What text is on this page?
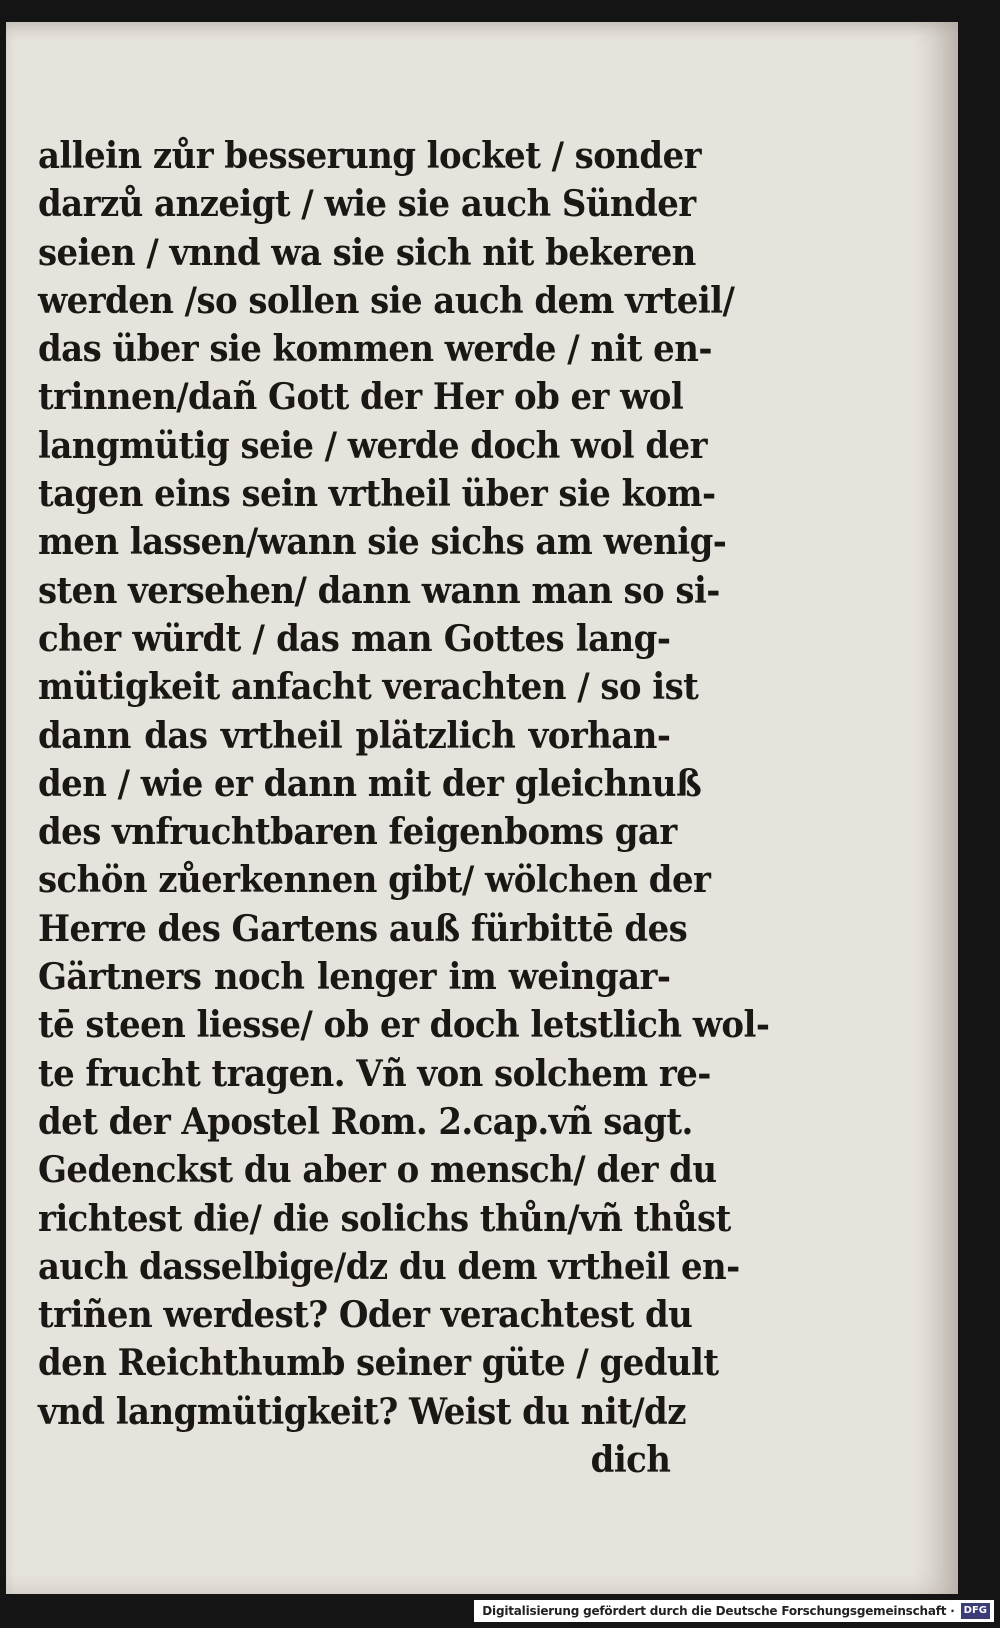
allein zůr besserung locket / sonder
darzů anzeigt / wie sie auch Sünder
seien / vnnd wa sie sich nit bekeren
werden /so sollen sie auch dem vrteil/
das über sie kommen werde / nit en-
trinnen/dañ Gott der Her ob er wol
langmütig seie / werde doch wol der
tagen eins sein vrtheil über sie kom-
men lassen/wann sie sichs am wenig-
sten versehen/ dann wann man so si-
cher würdt / das man Gottes lang-
mütigkeit anfacht verachten / so ist
dann das vrtheil plätzlich vorhan-
den / wie er dann mit der gleichnuß
des vnfruchtbaren feigenboms gar
schön zůerkennen gibt/ wölchen der
Herre des Gartens auß fürbittē des
Gärtners noch lenger im weingar-
tē steen liesse/ ob er doch letstlich wol-
te frucht tragen. Vñ von solchem re-
det der Apostel Rom. 2.cap.vñ sagt.
Gedenckst du aber o mensch/ der du
richtest die/ die solichs thůn/vñ thůst
auch dasselbige/dz du dem vrtheil en-
triñen werdest? Oder verachtest du
den Reichthumb seiner güte / gedult
vnd langmütigkeit? Weist du nit/dz
dich
Digitalisierung gefördert durch die Deutsche Forschungsgemeinschaft · DFG
